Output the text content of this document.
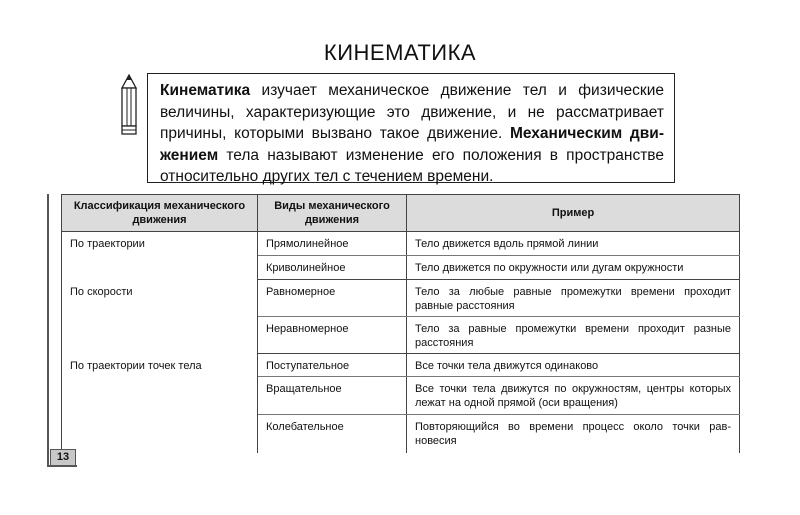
КИНЕМАТИКА
Кинематика изучает механическое движение тел и физические величины, характеризующие это движение, и не рассматривает причины, которыми вызвано такое движение. Механическим движением тела называют изменение его положения в пространстве относительно других тел с течением времени.
Классификация механического движения	Виды механического движения	Пример
По траектории	Прямолинейное	Тело движется вдоль прямой линии
	Криволинейное	Тело движется по окружности или дугам окружности
По скорости	Равномерное	Тело за любые равные промежутки времени проходит равные расстояния
	Неравномерное	Тело за равные промежутки времени проходит разные расстояния
По траектории точек тела	Поступательное	Все точки тела движутся одинаково
	Вращательное	Все точки тела движутся по окружностям, центры которых лежат на одной прямой (оси вращения)
	Колебательное	Повторяющийся во времени процесс около точки равновесия
13
